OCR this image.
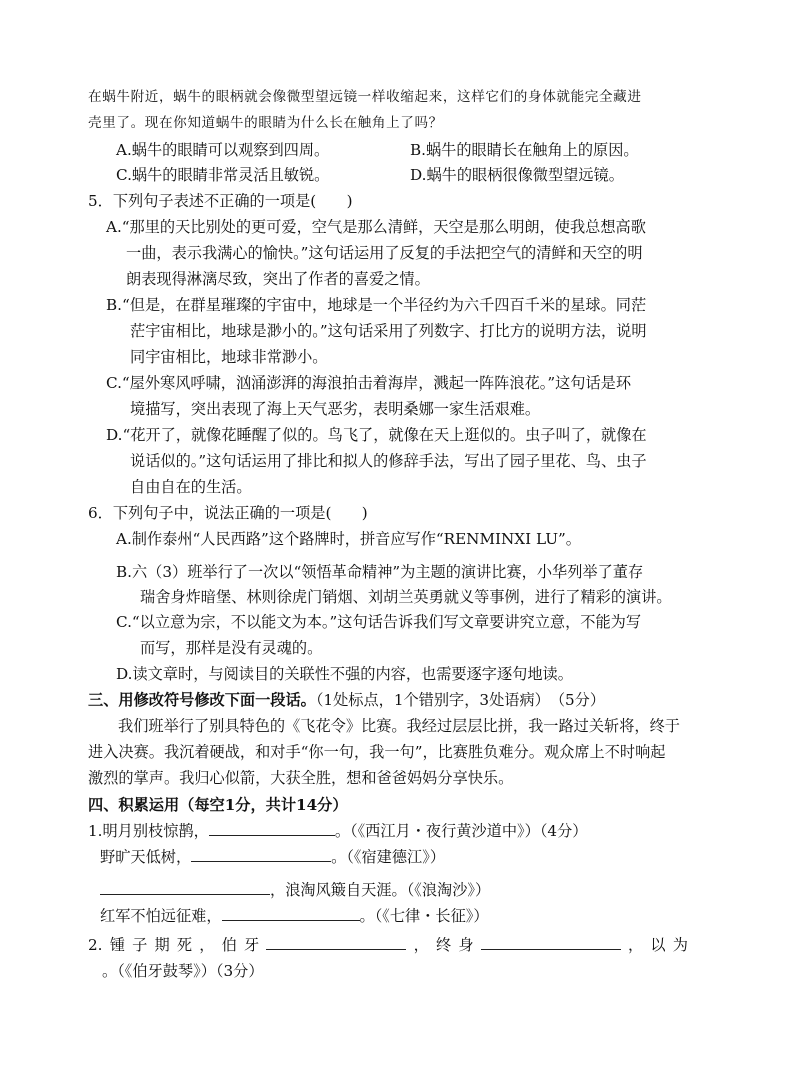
在蜗牛附近，蜗牛的眼柄就会像微型望远镜一样收缩起来，这样它们的身体就能完全藏进
壳里了。现在你知道蜗牛的眼睛为什么长在触角上了吗？
A.蜗牛的眼睛可以观察到四周。	B.蜗牛的眼睛长在触角上的原因。
C.蜗牛的眼睛非常灵活且敏锐。	D.蜗牛的眼柄很像微型望远镜。
5．下列句子表述不正确的一项是(　　)
A.“那里的天比别处的更可爱，空气是那么清鲜，天空是那么明朗，使我总想高歌
一曲，表示我满心的愉快。”这句话运用了反复的手法把空气的清鲜和天空的明
朗表现得淋漓尽致，突出了作者的喜爱之情。
B.“但是，在群星璀璨的宇宙中，地球是一个半径约为六千四百千米的星球。同茫
茫宇宙相比，地球是渺小的。”这句话采用了列数字、打比方的说明方法，说明
同宇宙相比，地球非常渺小。
C.“屋外寒风呼啸，汹涌澎湃的海浪拍击着海岸，溅起一阵阵浪花。”这句话是环
境描写，突出表现了海上天气恶劣，表明桑娜一家生活艰难。
D.“花开了，就像花睡醒了似的。鸟飞了，就像在天上逛似的。虫子叫了，就像在
说话似的。”这句话运用了排比和拟人的修辞手法，写出了园子里花、鸟、虫子
自由自在的生活。
6．下列句子中，说法正确的一项是(　　)
A.制作泰州“人民西路”这个路牌时，拼音应写作“RENMINXI LU”。
B.六（3）班举行了一次以“领悟革命精神”为主题的演讲比赛，小华列举了董存
瑞舍身炸暗堡、林则徐虎门销烟、刘胡兰英勇就义等事例，进行了精彩的演讲。
C.“以立意为宗，不以能文为本。”这句话告诉我们写文章要讲究立意，不能为写
而写，那样是没有灵魂的。
D.读文章时，与阅读目的关联性不强的内容，也需要逐字逐句地读。
三、用修改符号修改下面一段话。（1处标点，1个错别字，3处语病）　（5分）
我们班举行了别具特色的《飞花令》比赛。我经过层层比拼，我一路过关斩将，终于
进入决赛。我沉着硬战，和对手“你一句，我一句”，比赛胜负难分。观众席上不时响起
激烈的掌声。我归心似箭，大获全胜，想和爸爸妈妈分享快乐。
四、积累运用（每空1分，共计14分）
1.明月别枝惊鹊，	。（《西江月・夜行黄沙道中》）（4分）
野旷天低树，	。（《宿建德江》）
，浪淘风簸自天涯。（《浪淘沙》）
红军不怕远征难，	。（《七律・长征》）
2. 锺 子 期 死 ， 伯 牙	， 终 身	， 以 为
。（《伯牙鼓琴》）（3分）
